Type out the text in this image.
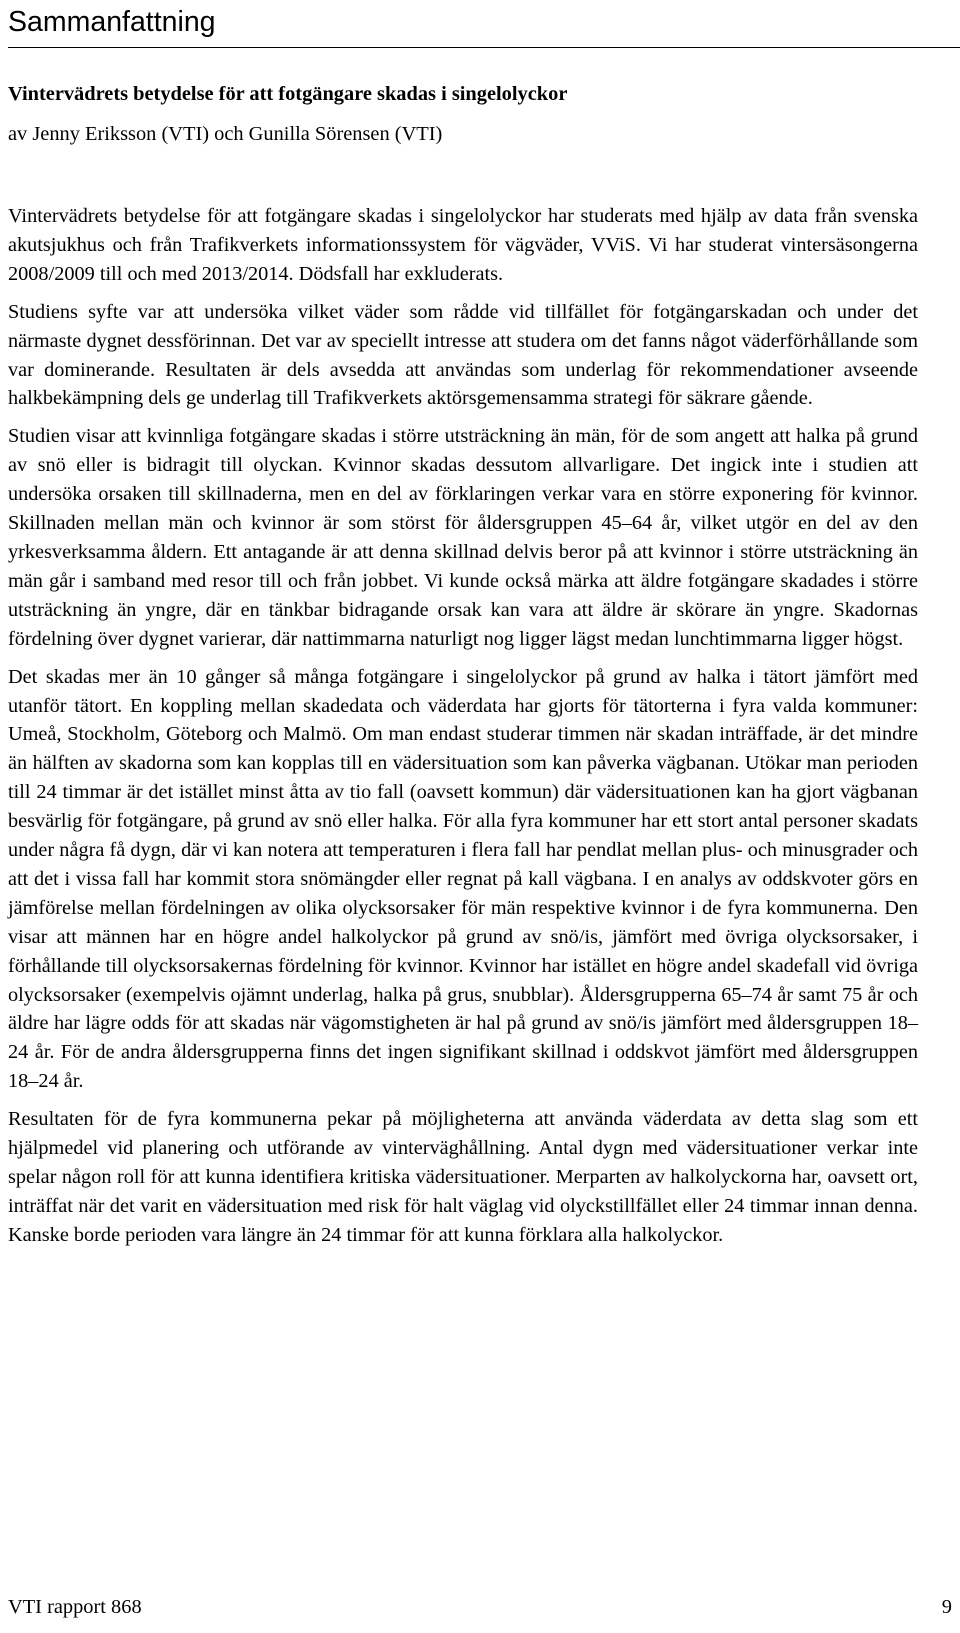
Sammanfattning
Vintervädrets betydelse för att fotgängare skadas i singelolyckor
av Jenny Eriksson (VTI) och Gunilla Sörensen (VTI)

Vintervädrets betydelse för att fotgängare skadas i singelolyckor har studerats med hjälp av data från svenska akutsjukhus och från Trafikverkets informationssystem för vägväder, VViS. Vi har studerat vintersäsongerna 2008/2009 till och med 2013/2014. Dödsfall har exkluderats.

Studiens syfte var att undersöka vilket väder som rådde vid tillfället för fotgängarskadan och under det närmaste dygnet dessförinnan. Det var av speciellt intresse att studera om det fanns något väderförhållande som var dominerande. Resultaten är dels avsedda att användas som underlag för rekommendationer avseende halkbekämpning dels ge underlag till Trafikverkets aktörsgemensamma strategi för säkrare gående.

Studien visar att kvinnliga fotgängare skadas i större utsträckning än män, för de som angett att halka på grund av snö eller is bidragit till olyckan. Kvinnor skadas dessutom allvarligare. Det ingick inte i studien att undersöka orsaken till skillnaderna, men en del av förklaringen verkar vara en större exponering för kvinnor. Skillnaden mellan män och kvinnor är som störst för åldersgruppen 45–64 år, vilket utgör en del av den yrkesverksamma åldern. Ett antagande är att denna skillnad delvis beror på att kvinnor i större utsträckning än män går i samband med resor till och från jobbet. Vi kunde också märka att äldre fotgängare skadades i större utsträckning än yngre, där en tänkbar bidragande orsak kan vara att äldre är skörare än yngre. Skadornas fördelning över dygnet varierar, där nattimmarna naturligt nog ligger lägst medan lunchtimmarna ligger högst.

Det skadas mer än 10 gånger så många fotgängare i singelolyckor på grund av halka i tätort jämfört med utanför tätort. En koppling mellan skadedata och väderdata har gjorts för tätorterna i fyra valda kommuner: Umeå, Stockholm, Göteborg och Malmö. Om man endast studerar timmen när skadan inträffade, är det mindre än hälften av skadorna som kan kopplas till en vädersituation som kan påverka vägbanan. Utökar man perioden till 24 timmar är det istället minst åtta av tio fall (oavsett kommun) där vädersituationen kan ha gjort vägbanan besvärlig för fotgängare, på grund av snö eller halka. För alla fyra kommuner har ett stort antal personer skadats under några få dygn, där vi kan notera att temperaturen i flera fall har pendlat mellan plus- och minusgrader och att det i vissa fall har kommit stora snömängder eller regnat på kall vägbana. I en analys av oddskvoter görs en jämförelse mellan fördelningen av olika olycksorsaker för män respektive kvinnor i de fyra kommunerna. Den visar att männen har en högre andel halkolyckor på grund av snö/is, jämfört med övriga olycksorsaker, i förhållande till olycksorsakernas fördelning för kvinnor. Kvinnor har istället en högre andel skadefall vid övriga olycksorsaker (exempelvis ojämnt underlag, halka på grus, snubblar). Åldersgrupperna 65–74 år samt 75 år och äldre har lägre odds för att skadas när vägomstigheten är hal på grund av snö/is jämfört med åldersgruppen 18–24 år. För de andra åldersgrupperna finns det ingen signifikant skillnad i oddskvot jämfört med åldersgruppen 18–24 år.

Resultaten för de fyra kommunerna pekar på möjligheterna att använda väderdata av detta slag som ett hjälpmedel vid planering och utförande av vinterväghållning. Antal dygn med vädersituationer verkar inte spelar någon roll för att kunna identifiera kritiska vädersituationer. Merparten av halkolyckorna har, oavsett ort, inträffat när det varit en vädersituation med risk för halt väglag vid olyckstillfället eller 24 timmar innan denna. Kanske borde perioden vara längre än 24 timmar för att kunna förklara alla halkolyckor.

VTI rapport 868	9
